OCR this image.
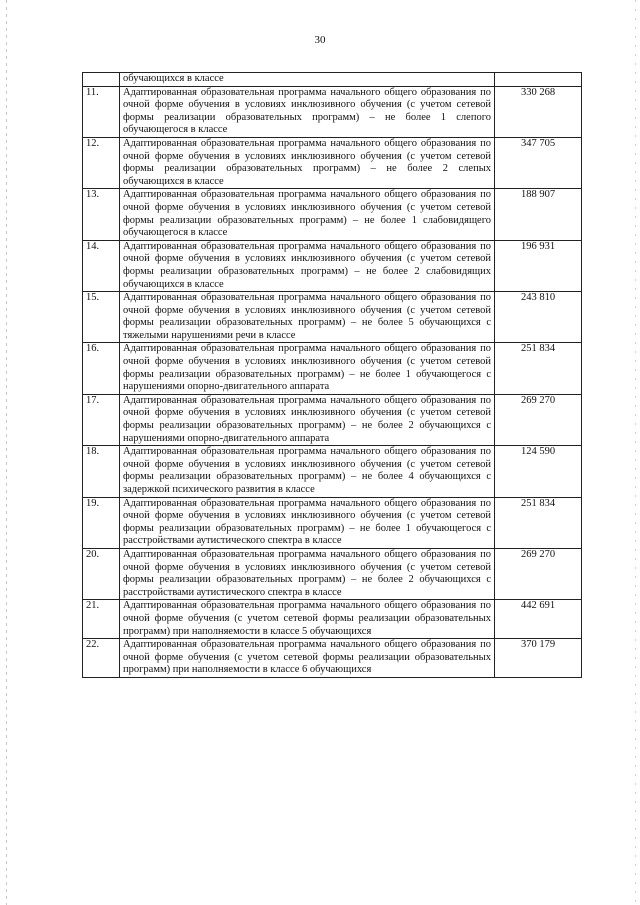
30
	обучающихся в классе	
11.	Адаптированная образовательная программа начального общего образования по очной форме обучения в условиях инклюзивного обучения (с учетом сетевой формы реализации образовательных программ) – не более 1 слепого обучающегося в классе	330 268
12.	Адаптированная образовательная программа начального общего образования по очной форме обучения в условиях инклюзивного обучения (с учетом сетевой формы реализации образовательных программ) – не более 2 слепых обучающихся в классе	347 705
13.	Адаптированная образовательная программа начального общего образования по очной форме обучения в условиях инклюзивного обучения (с учетом сетевой формы реализации образовательных программ) – не более 1 слабовидящего обучающегося в классе	188 907
14.	Адаптированная образовательная программа начального общего образования по очной форме обучения в условиях инклюзивного обучения (с учетом сетевой формы реализации образовательных программ) – не более 2 слабовидящих обучающихся в классе	196 931
15.	Адаптированная образовательная программа начального общего образования по очной форме обучения в условиях инклюзивного обучения (с учетом сетевой формы реализации образовательных программ) – не более 5 обучающихся с тяжелыми нарушениями речи в классе	243 810
16.	Адаптированная образовательная программа начального общего образования по очной форме обучения в условиях инклюзивного обучения (с учетом сетевой формы реализации образовательных программ) – не более 1 обучающегося с нарушениями опорно-двигательного аппарата	251 834
17.	Адаптированная образовательная программа начального общего образования по очной форме обучения в условиях инклюзивного обучения (с учетом сетевой формы реализации образовательных программ) – не более 2 обучающихся с нарушениями опорно-двигательного аппарата	269 270
18.	Адаптированная образовательная программа начального общего образования по очной форме обучения в условиях инклюзивного обучения (с учетом сетевой формы реализации образовательных программ) – не более 4 обучающихся с задержкой психического развития в классе	124 590
19.	Адаптированная образовательная программа начального общего образования по очной форме обучения в условиях инклюзивного обучения (с учетом сетевой формы реализации образовательных программ) – не более 1 обучающегося с расстройствами аутистического спектра в классе	251 834
20.	Адаптированная образовательная программа начального общего образования по очной форме обучения в условиях инклюзивного обучения (с учетом сетевой формы реализации образовательных программ) – не более 2 обучающихся с расстройствами аутистического спектра в классе	269 270
21.	Адаптированная образовательная программа начального общего образования по очной форме обучения (с учетом сетевой формы реализации образовательных программ) при наполняемости в классе 5 обучающихся	442 691
22.	Адаптированная образовательная программа начального общего образования по очной форме обучения (с учетом сетевой формы реализации образовательных программ) при наполняемости в классе 6 обучающихся	370 179
